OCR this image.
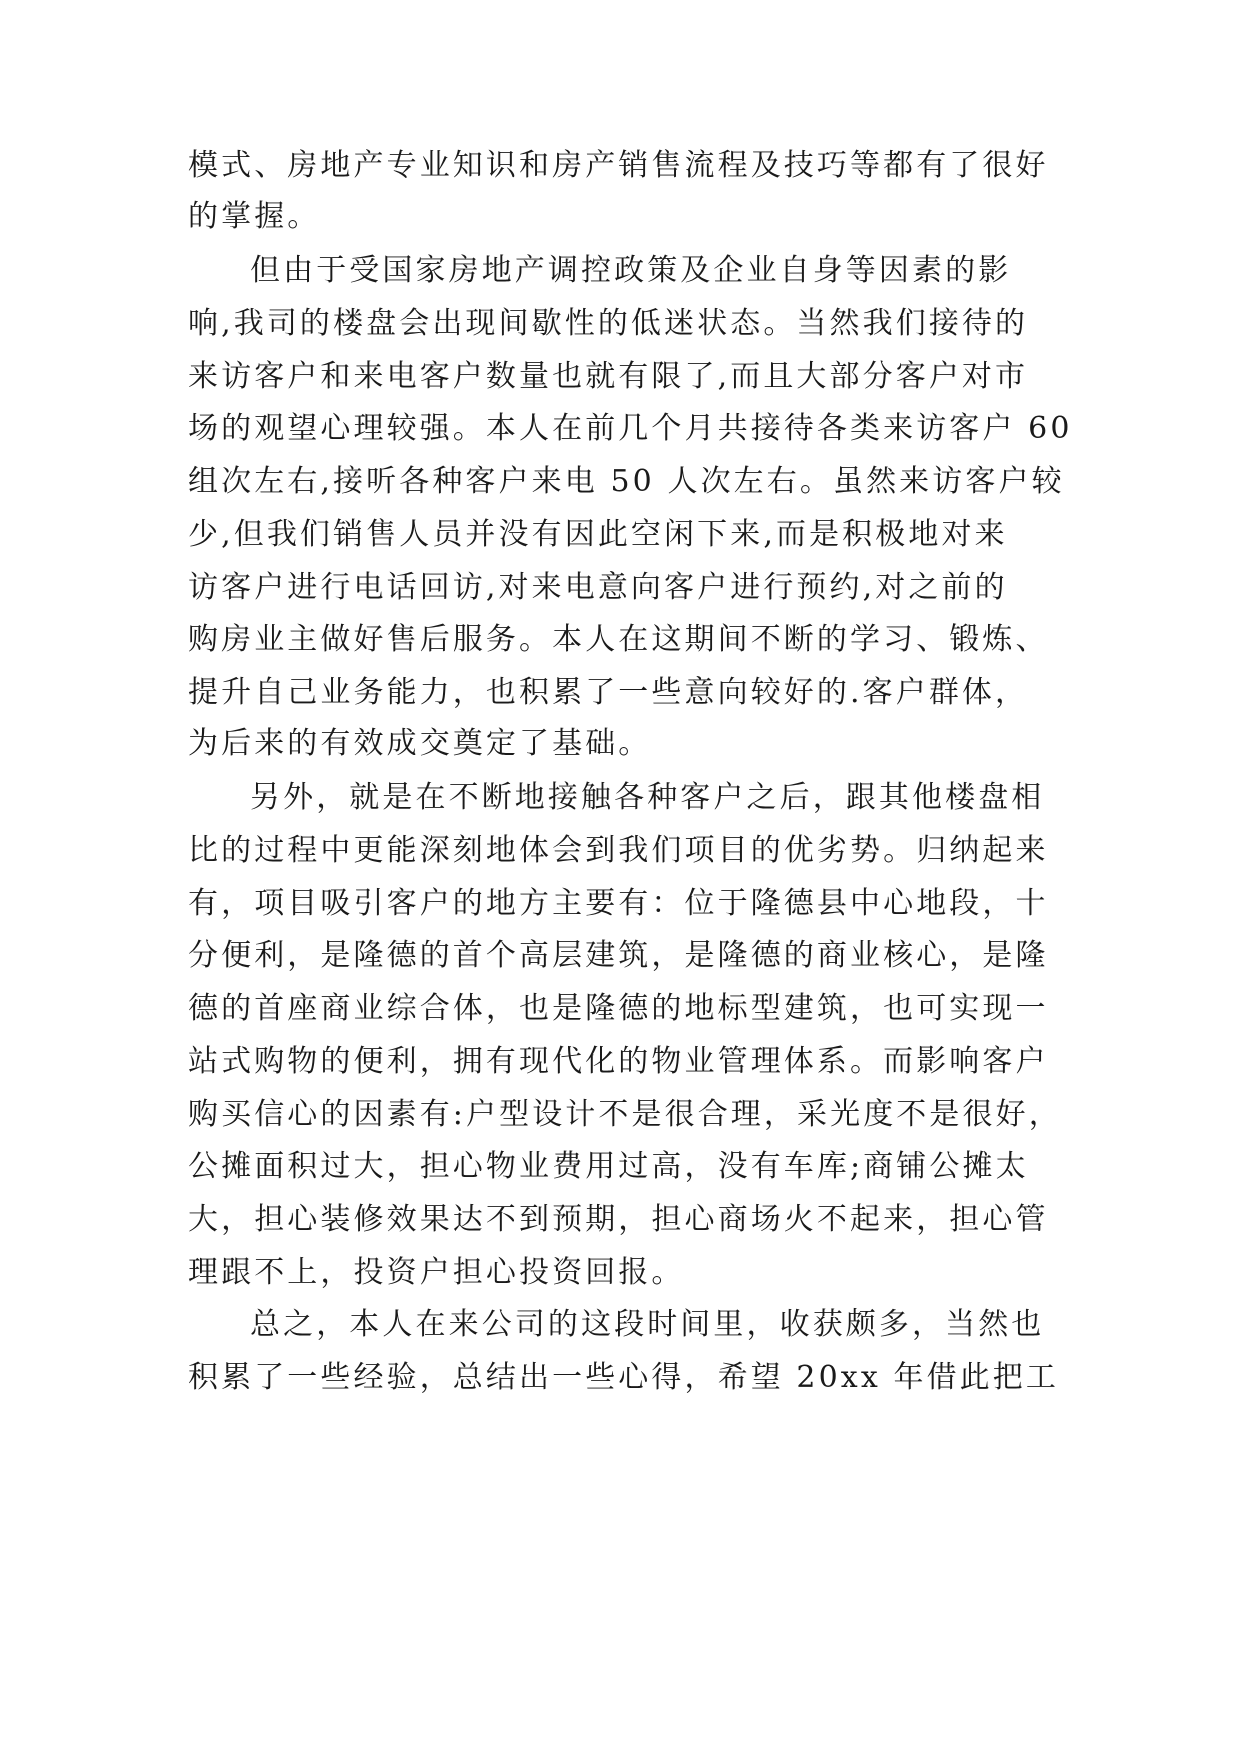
模式、房地产专业知识和房产销售流程及技巧等都有了很好
的掌握。
但由于受国家房地产调控政策及企业自身等因素的影
响,我司的楼盘会出现间歇性的低迷状态。当然我们接待的
来访客户和来电客户数量也就有限了,而且大部分客户对市
场的观望心理较强。本人在前几个月共接待各类来访客户 60
组次左右,接听各种客户来电 50 人次左右。虽然来访客户较
少,但我们销售人员并没有因此空闲下来,而是积极地对来
访客户进行电话回访,对来电意向客户进行预约,对之前的
购房业主做好售后服务。本人在这期间不断的学习、锻炼、
提升自己业务能力，也积累了一些意向较好的.客户群体，
为后来的有效成交奠定了基础。
另外，就是在不断地接触各种客户之后，跟其他楼盘相
比的过程中更能深刻地体会到我们项目的优劣势。归纳起来
有，项目吸引客户的地方主要有：位于隆德县中心地段，十
分便利，是隆德的首个高层建筑，是隆德的商业核心，是隆
德的首座商业综合体，也是隆德的地标型建筑，也可实现一
站式购物的便利，拥有现代化的物业管理体系。而影响客户
购买信心的因素有:户型设计不是很合理，采光度不是很好，
公摊面积过大，担心物业费用过高，没有车库;商铺公摊太
大，担心装修效果达不到预期，担心商场火不起来，担心管
理跟不上，投资户担心投资回报。
总之，本人在来公司的这段时间里，收获颇多，当然也
积累了一些经验，总结出一些心得，希望 20xx 年借此把工
